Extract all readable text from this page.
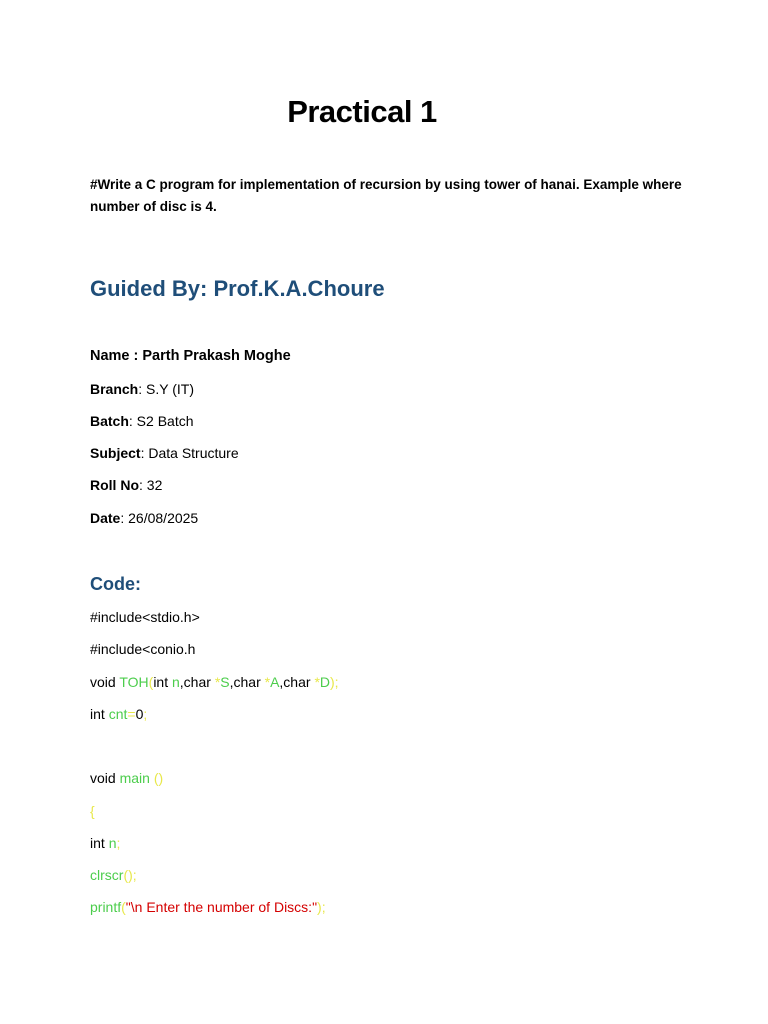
Practical 1

#Write a C program for implementation of recursion by using tower of hanai. Example where number of disc is 4.

Guided By: Prof.K.A.Choure

Name : Parth Prakash Moghe

Branch: S.Y (IT)

Batch: S2 Batch

Subject: Data Structure

Roll No: 32

Date: 26/08/2025

Code:

#include<stdio.h>

#include<conio.h

void TOH(int n,char *S,char *A,char *D);

int cnt=0;

void main ()

{

int n;

clrscr();

printf("\n Enter the number of Discs:");
